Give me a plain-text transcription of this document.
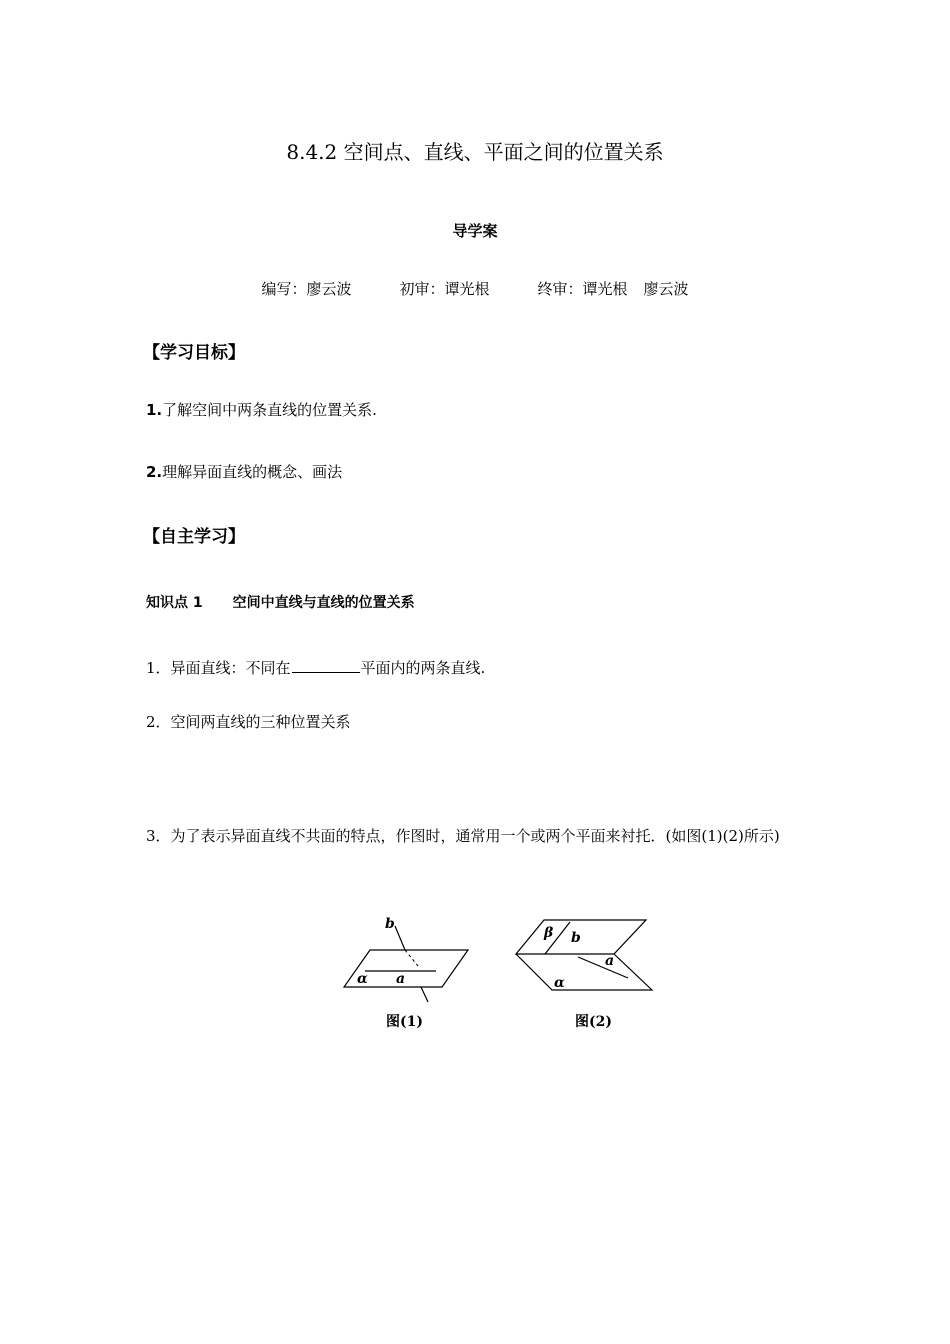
8.4.2 空间点、直线、平面之间的位置关系
导学案
编写：廖云波	初审：谭光根	终审：谭光根 廖云波
【学习目标】
1.了解空间中两条直线的位置关系.
2.理解异面直线的概念、画法
【自主学习】
知识点 1 空间中直线与直线的位置关系
1．异面直线：不同在	平面内的两条直线.
2．空间两直线的三种位置关系
3．为了表示异面直线不共面的特点，作图时，通常用一个或两个平面来衬托．(如图(1)(2)所示)
b
a
α
图(1)
β b
a
α
图(2)
